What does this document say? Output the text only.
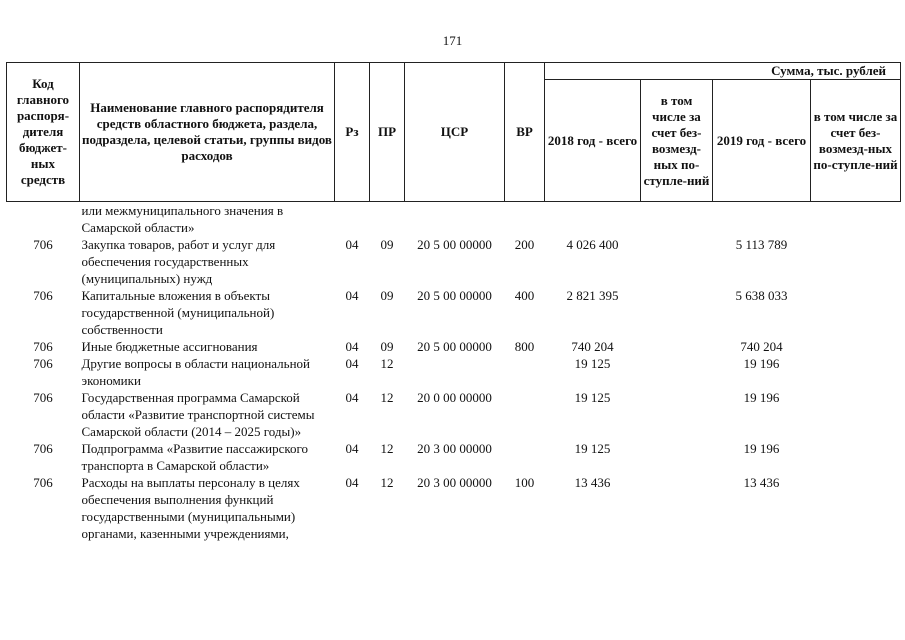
171
Код главного распоря-дителя бюджет-ных средств	Наименование главного распорядителя средств областного бюджета, раздела, подраздела, целевой статьи, группы видов расходов	Рз	ПР	ЦСР	ВР	Сумма, тыс. рублей			
						2018 год - всего	в том числе за счет без-возмезд-ных по-ступле-ний	2019 год - всего	в том числе за счет без-возмезд-ных по-ступле-ний
	или межмуниципального значения в Самарской области»								
706	Закупка товаров, работ и услуг для обеспечения государственных (муниципальных) нужд	04	09	20 5 00 00000	200	4 026 400		5 113 789	
706	Капитальные вложения в объекты государственной (муниципальной) собственности	04	09	20 5 00 00000	400	2 821 395		5 638 033	
706	Иные бюджетные ассигнования	04	09	20 5 00 00000	800	740 204		740 204	
706	Другие вопросы в области национальной экономики	04	12			19 125		19 196	
706	Государственная программа Самарской области «Развитие транспортной системы Самарской области (2014 – 2025 годы)»	04	12	20 0 00 00000		19 125		19 196	
706	Подпрограмма «Развитие пассажирского транспорта в Самарской области»	04	12	20 3 00 00000		19 125		19 196	
706	Расходы на выплаты персоналу в целях обеспечения выполнения функций государственными (муниципальными) органами, казенными учреждениями,	04	12	20 3 00 00000	100	13 436		13 436	
